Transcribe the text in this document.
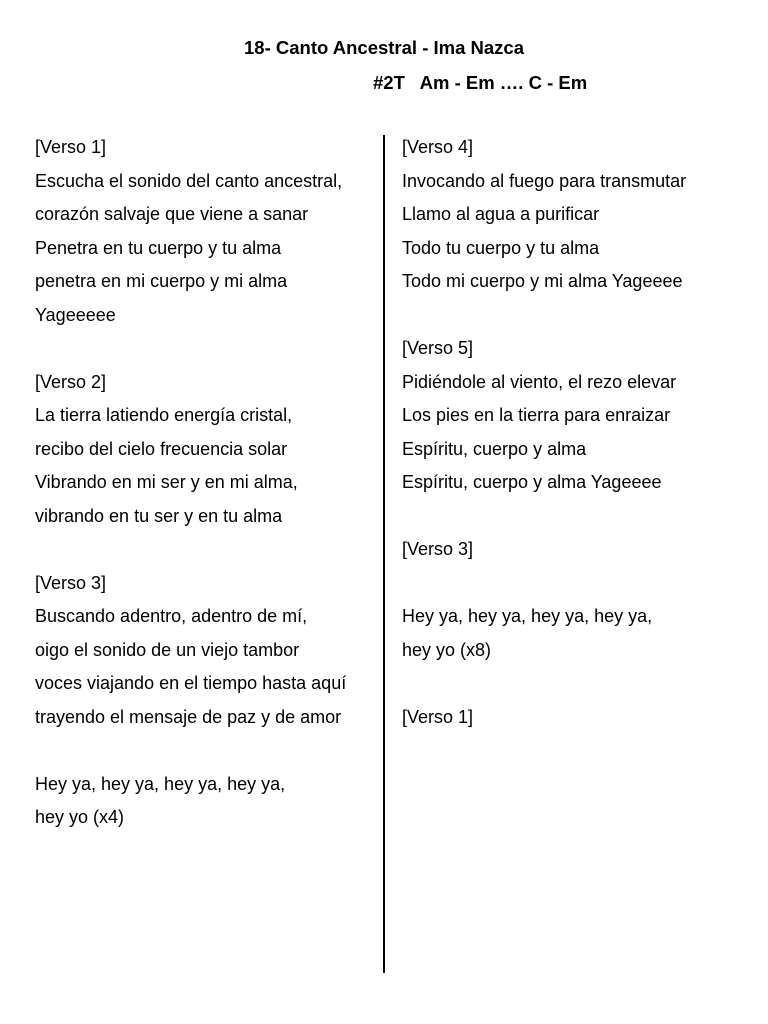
18- Canto Ancestral - Ima Nazca
#2T Am - Em …. C - Em
[Verso 1]
Escucha el sonido del canto ancestral,
corazón salvaje que viene a sanar
Penetra en tu cuerpo y tu alma
penetra en mi cuerpo y mi alma
Yageeeee
[Verso 2]
La tierra latiendo energía cristal,
recibo del cielo frecuencia solar
Vibrando en mi ser y en mi alma,
vibrando en tu ser y en tu alma
[Verso 3]
Buscando adentro, adentro de mí,
oigo el sonido de un viejo tambor
voces viajando en el tiempo hasta aquí
trayendo el mensaje de paz y de amor
Hey ya, hey ya, hey ya, hey ya,
hey yo (x4)
[Verso 4]
Invocando al fuego para transmutar
Llamo al agua a purificar
Todo tu cuerpo y tu alma
Todo mi cuerpo y mi alma Yageeee
[Verso 5]
Pidiéndole al viento, el rezo elevar
Los pies en la tierra para enraizar
Espíritu, cuerpo y alma
Espíritu, cuerpo y alma Yageeee
[Verso 3]
Hey ya, hey ya, hey ya, hey ya,
hey yo (x8)
[Verso 1]
